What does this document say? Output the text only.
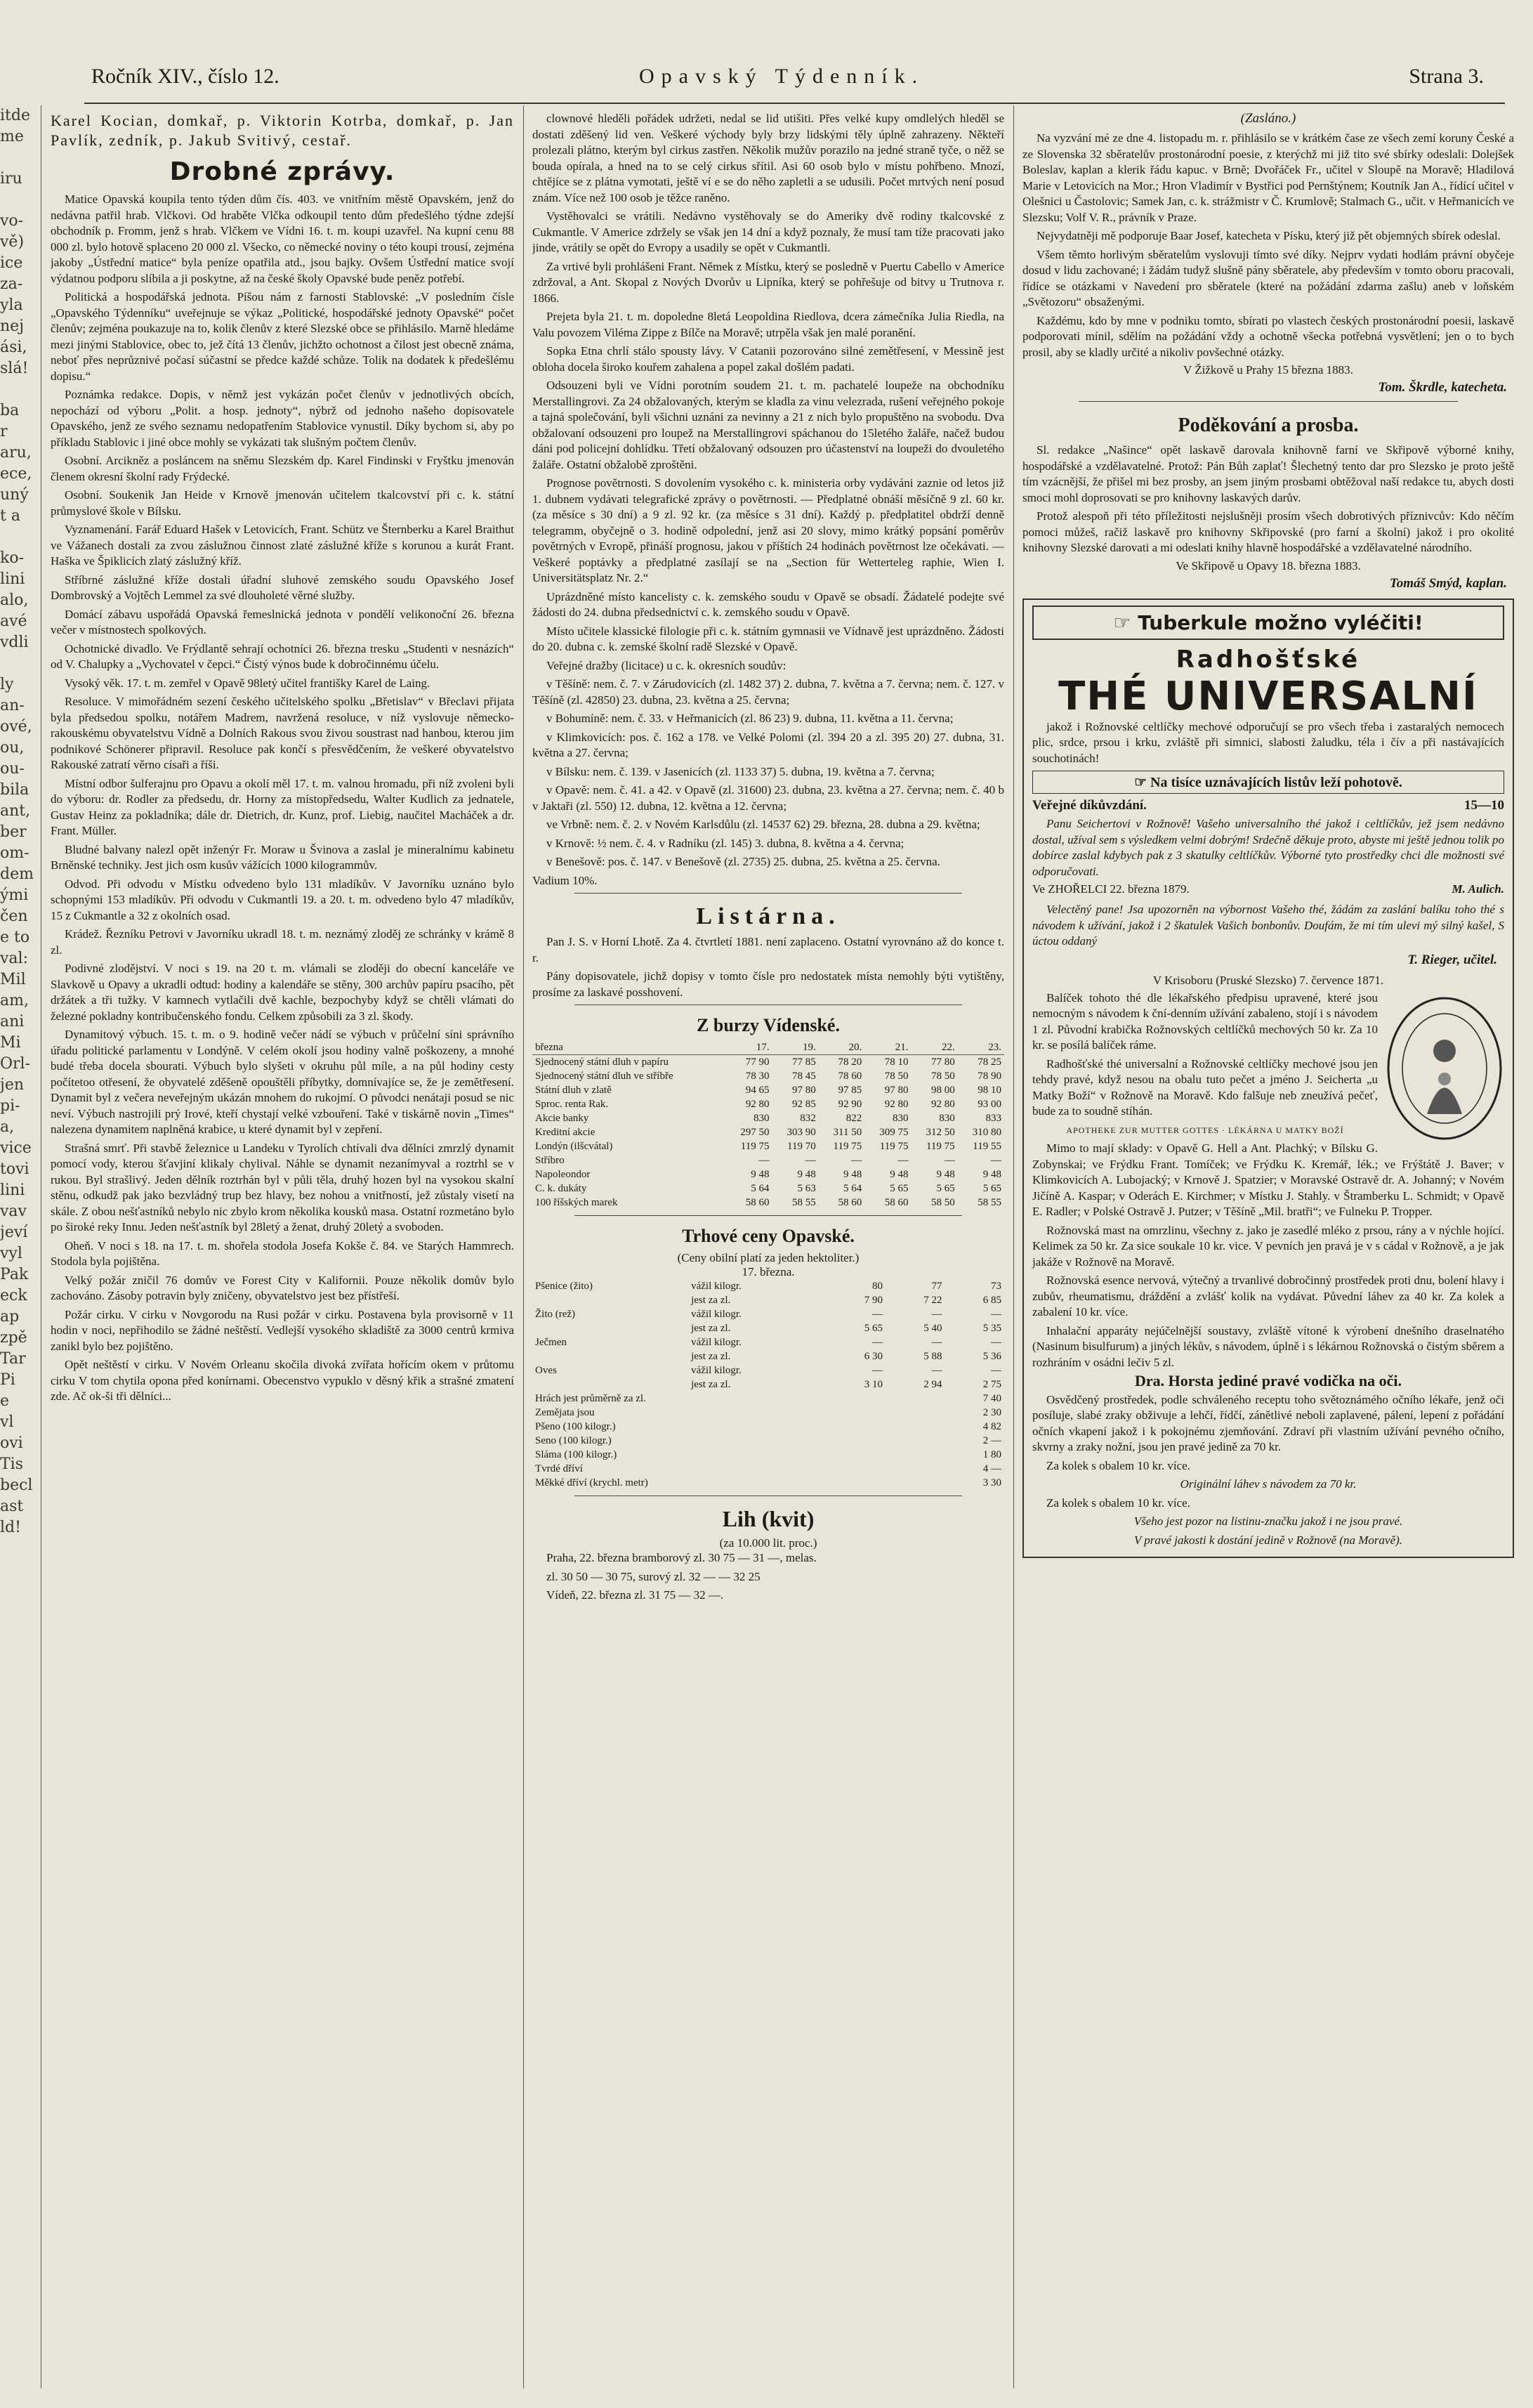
Ročník XIV., číslo 12.	Opavský Týdenník.	Strana 3.
itde
me
iru
vo-
vě)
ice
za-
yla
nej
ási,
slá!
ba
r
aru,
ece,
uný
t a
ko-
lini
alo,
avé
vdli
ly
an-
ové,
ou,
ou-
bila
ant,
ber
om-
dem
ými
čen
e to
val:
Mil
am,
ani
Mi
Orl-
jen
pi-
a,
vice
tovi
lini
vav
jeví
vyl
Pak
eck
ap
zpě
Tar
Pi
e
vl
ovi
Tis
becl
ast
ld!

Karel Kocian, domkař, p. Viktorin Kotrba, domkař, p. Jan Pavlík, zedník, p. Jakub Svitivý, cestař.

Drobné zprávy.

Matice Opavská koupila tento týden dům čís. 403. ve vnitřním městě Opavském, jenž do nedávna patřil hrab. Vlčkovi. Od hraběte Vlčka odkoupil tento dům předešlého týdne zdejší obchodník p. Fromm, jenž s hrab. Vlčkem ve Vídni 16. t. m. koupi uzavřel. Na kupní cenu 88 000 zl. bylo hotově splaceno 20 000 zl. Všecko, co německé noviny o této koupi trousí, zejména jakoby „Ústřední matice“ byla peníze opatřila atd., jsou bajky. Ovšem Ústřední matice svojí výdatnou podporu slíbila a ji poskytne, až na české školy Opavské bude peněz potřebí.

Politická a hospodářská jednota. Píšou nám z farnosti Stablovské: „V posledním čísle „Opavského Týdenníku“ uveřejnuje se výkaz „Politické, hospodářské jednoty Opavské“ počet členův; zejména poukazuje na to, kolik členův z které Slezské obce se přihlásilo. Marně hledáme mezi jinými Stablovice, obec to, jež čítá 13 členův, jichžto ochotnost a čilost jest obecně známa, neboť přes neprůznivé počasí súčastní se předce každé schůze. Tolik na dodatek k předešlému dopisu.“

Poznámka redakce. Dopis, v němž jest vykázán počet členův v jednotlivých obcích, nepochází od výboru „Polit. a hosp. jednoty“, nýbrž od jednoho našeho dopisovatele Opavského, jenž ze svého seznamu nedopatřením Stablovice vynustil. Díky bychom si, aby po příkladu Stablovic i jiné obce mohly se vykázati tak slušným počtem členův.

Osobní. Arcikněz a posláncem na sněmu Slezském dp. Karel Findinski v Fryštku jmenován členem okresní školní rady Frýdecké.

Osobní. Soukenik Jan Heide v Krnově jmenován učitelem tkalcovství při c. k. státní průmyslové škole v Bílsku.

Vyznamenání. Farář Eduard Hašek v Letovicích, Frant. Schütz ve Šternberku a Karel Braithut ve Vážanech dostali za zvou záslužnou činnost zlaté záslužné kříže s korunou a kurát Frant. Haška ve Špiklicích zlatý záslužný kříž.

Stříbrné záslužné kříže dostali úřadní sluhové zemského soudu Opavského Josef Dombrovský a Vojtěch Lemmel za své dlouholeté věrné služby.

Domácí zábavu uspořádá Opavská řemeslnická jednota v pondělí velikonoční 26. března večer v místnostech spolkových.

Ochotnické divadlo. Ve Frýdlantě sehrají ochotníci 26. března tresku „Studenti v nesnázích“ od V. Chalupky a „Vychovatel v čepci.“ Čistý výnos bude k dobročinnému účelu.

Vysoký věk. 17. t. m. zemřel v Opavě 98letý učitel františky Karel de Laing.

Resoluce. V mimořádném sezení českého učitelského spolku „Břetislav“ v Břeclavi přijata byla předsedou spolku, notářem Madrem, navržená resoluce, v níž vyslovuje německo-rakouskému obyvatelstvu Vídně a Dolních Rakous svou živou soustrast nad hanbou, kterou jim podnikové Schönerer připravil. Resoluce pak končí s přesvědčením, že veškeré obyvatelstvo Rakouské zatratí věrno císaři a říši.

Místní odbor šulferajnu pro Opavu a okolí měl 17. t. m. valnou hromadu, při níž zvoleni byli do výboru: dr. Rodler za předsedu, dr. Horny za místopředsedu, Walter Kudlich za jednatele, Gustav Heinz za pokladníka; dále dr. Dietrich, dr. Kunz, prof. Liebig, naučitel Macháček a dr. Frant. Müller.

Bludné balvany nalezl opět inženýr Fr. Moraw u Švinova a zaslal je mineralnímu kabinetu Brněnské techniky. Jest jich osm kusův vážících 1000 kilogrammův.

Odvod. Při odvodu v Místku odvedeno bylo 131 mladíkův. V Javorníku uznáno bylo schopnými 153 mladíkův. Při odvodu v Cukmantli 19. a 20. t. m. odvedeno bylo 47 mladíkův, 15 z Cukmantle a 32 z okolních osad.

Krádež. Řezníku Petrovi v Javorníku ukradl 18. t. m. neznámý zloděj ze schránky v krámě 8 zl.

Podivné zlodějství. V noci s 19. na 20 t. m. vlámali se zloději do obecní kanceláře ve Slavkově u Opavy a ukradli odtud: hodiny a kalendáře se stěny, 300 archův papíru psacího, pět držátek a tři tužky. V kamnech vytlačili dvě kachle, bezpochyby když se chtěli vlámati do železné pokladny kontribučenského fondu. Celkem způsobili za 3 zl. škody.

Dynamitový výbuch. 15. t. m. o 9. hodině večer nádí se výbuch v průčelní síni správního úřadu politické parlamentu v Londýně. V celém okolí jsou hodiny valně poškozeny, a mnohé budé třeba docela sbourati. Výbuch bylo slyšeti v okruhu půl míle, a na půl hodiny cesty počítetoo otřesení, že obyvatelé zděšeně opouštěli příbytky, domnívajíce se, že je zemětřesení. Dynamit byl z večera neveřejným ukázán mnohem do rukojmí. O původci nenátaji posud se nic neví. Výbuch nastrojili prý Irové, kteří chystají velké vzbouření. Také v tiskárně novin „Times“ nalezena dynamitem naplněná krabice, u které dynamit byl v zepření.

Strašná smrť. Při stavbě železnice u Landeku v Tyrolích chtívali dva dělníci zmrzlý dynamit pomocí vody, kterou šťavjiní klikaly chylival. Náhle se dynamit nezanímyval a roztrhl se v rukou. Byl strašlivý. Jeden dělník roztrhán byl v půli těla, druhý hozen byl na vysokou skalní stěnu, odkudž pak jako bezvládný trup bez hlavy, bez nohou a vnitřností, jež zůstaly visetí na skále. Z obou nešťastníků nebylo nic zbylo krom několika kousků masa. Ostatní rozmetáno bylo po široké reky Innu. Jeden nešťastník byl 28letý a ženat, druhý 20letý a svoboden.

Oheň. V noci s 18. na 17. t. m. shořela stodola Josefa Kokše č. 84. ve Starých Hammrech. Stodola byla pojištěna.

Velký požár zničil 76 domův ve Forest City v Kalifornii. Pouze několik domův bylo zachováno. Zásoby potravin byly zničeny, obyvatelstvo jest bez přístřeší.

Požár cirku. V cirku v Novgorodu na Rusi požár v cirku. Postavena byla provisorně v 11 hodin v noci, nepřihodilo se žádné neštěstí. Vedlejší vysokého skladiště za 3000 centrů krmiva zanikl bylo bez pojištěno.

Opět neštěstí v cirku. V Novém Orleanu skočila divoká zvířata hořícím okem v průtomu cirku V tom chytila opona před konírnami. Obecenstvo vypuklo v děsný křik a strašné zmatení zde. Ač ok-ši tři dělníci...

clownové hleděli pořádek udržeti, nedal se lid utišiti. Přes velké kupy omdlelých hleděl se dostati zděšený lid ven. Veškeré východy byly brzy lidskými těly úplně zahrazeny. Někteří prolezali plátno, kterým byl cirkus zastřen. Několik mužův porazilo na jedné straně tyče, o něž se bouda opírala, a hned na to se celý cirkus sřítil. Asi 60 osob bylo v místu pohřbeno. Mnozí, chtějíce se z plátna vymotati, ještě ví e se do něho zapletli a se udusili. Počet mrtvých není posud znám. Více než 100 osob je těžce raněno.

Vystěhovalci se vrátili. Nedávno vystěhovaly se do Ameriky dvě rodiny tkalcovské z Cukmantle. V Americe zdržely se však jen 14 dní a když poznaly, že musí tam tíže pracovati jako jinde, vrátily se opět do Evropy a usadily se opět v Cukmantli.

Za vrtivé byli prohlášeni Frant. Němek z Místku, který se posledně v Puertu Cabello v Americe zdržoval, a Ant. Skopal z Nových Dvorův u Lipníka, který se pohřešuje od bitvy u Trutnova r. 1866.

Prejeta byla 21. t. m. dopoledne 8letá Leopoldina Riedlova, dcera zámečníka Julia Riedla, na Valu povozem Viléma Zippe z Bílče na Moravě; utrpěla však jen malé poranění.

Sopka Etna chrlí stálo spousty lávy. V Catanii pozorováno silné zemětřesení, v Messině jest obloha docela široko kouřem zahalena a popel zakal došlém padati.

Odsouzeni byli ve Vídni porotním soudem 21. t. m. pachatelé loupeže na obchodníku Merstallingrovi. Za 24 obžalovaných, kterým se kladla za vinu velezrada, rušení veřejného pokoje a tajná společování, byli všichni uznáni za nevinny a 21 z nich bylo propuštěno na svobodu. Dva obžalovaní odsouzeni pro loupež na Merstallingrovi spáchanou do 15letého žaláře, načež budou dáni pod policejní dohlídku. Třetí obžalovaný odsouzen pro účastenství na loupeži do dvouletého žaláře. Ostatní obžalobě zproštěni.

Prognose povětrnosti. S dovolením vysokého c. k. ministeria orby vydáváni zaznie od letos již 1. dubnem vydávati telegrafické zprávy o povětrnosti. — Předplatné obnáší měsíčně 9 zl. 60 kr. (za měsíce s 30 dní) a 9 zl. 92 kr. (za měsíce s 31 dní). Každý p. předplatitel obdrží denně telegramm, obyčejně o 3. hodině odpolední, jenž asi 20 slovy, mimo krátký popsání poměrův povětrných v Evropě, přináší prognosu, jakou v příštích 24 hodinách povětrnost lze očekávati. — Veškeré poptávky a předplatné zasílají se na „Section für Wetterteleg raphie, Wien I. Universitätsplatz Nr. 2.“

Uprázdněné místo kancelisty c. k. zemského soudu v Opavě se obsadí. Žádatelé podejte své žádosti do 24. dubna předsednictví c. k. zemského soudu v Opavě.

Místo učitele klassické filologie při c. k. státním gymnasii ve Vídnavě jest uprázdněno. Žádosti do 20. dubna c. k. zemské školní radě Slezské v Opavě.

Veřejné dražby (licitace) u c. k. okresních soudův:

v Těšíně: nem. č. 7. v Zárudovicích (zl. 1482 37) 2. dubna, 7. května a 7. června; nem. č. 127. v Těšíně (zl. 42850) 23. dubna, 23. května a 25. června;

v Bohumíně: nem. č. 33. v Heřmanicích (zl. 86 23) 9. dubna, 11. května a 11. června;

v Klimkovicích: pos. č. 162 a 178. ve Velké Polomi (zl. 394 20 a zl. 395 20) 27. dubna, 31. května a 27. června;

v Bílsku: nem. č. 139. v Jasenicích (zl. 1133 37) 5. dubna, 19. května a 7. června;

v Opavě: nem. č. 41. a 42. v Opavě (zl. 31600) 23. dubna, 23. května a 27. června; nem. č. 40 b v Jaktaři (zl. 550) 12. dubna, 12. května a 12. června;

ve Vrbně: nem. č. 2. v Novém Karlsdůlu (zl. 14537 62) 29. března, 28. dubna a 29. května;

v Krnově: ½ nem. č. 4. v Radníku (zl. 145) 3. dubna, 8. května a 4. června;

v Benešově: pos. č. 147. v Benešově (zl. 2735) 25. dubna, 25. května a 25. června.

Vadium 10%.

Listárna.

Pan J. S. v Horní Lhotě. Za 4. čtvrtletí 1881. není zaplaceno. Ostatní vyrovnáno až do konce t. r.

Pány dopisovatele, jichž dopisy v tomto čísle pro nedostatek místa nemohly býti vytištěny, prosíme za laskavé posshovení.

Z burzy Vídenské.
března	17.	19.	20.	21.	22.	23.
Sjednocený státní dluh v papíru	77 90	77 85	78 20	78 10	77 80	78 25
Sjednocený státní dluh ve stříbře	78 30	78 45	78 60	78 50	78 50	78 90
Státní dluh v zlatě	94 65	97 80	97 85	97 80	98 00	98 10
Sproc. renta Rak.	92 80	92 85	92 90	92 80	92 80	93 00
Akcie banky	830	832	822	830	830	833
Kreditní akcie	297 50	303 90	311 50	309 75	312 50	310 80
Londýn (ilšcvátal)	119 75	119 70	119 75	119 75	119 75	119 55
Stříbro	—	—	—	—	—	—
Napoleondor	9 48	9 48	9 48	9 48	9 48	9 48
C. k. dukáty	5 64	5 63	5 64	5 65	5 65	5 65
100 říšských marek	58 60	58 55	58 60	58 60	58 50	58 55
Trhové ceny Opavské.
(Ceny obilní platí za jeden hektoliter.)
17. března.
Pšenice (žito)	vážil kilogr.	80	77	73
	jest za zl.	7 90	7 22	6 85
Žito (rež)	vážil kilogr.	—	—	—
	jest za zl.	5 65	5 40	5 35
Ječmen	vážil kilogr.	—	—	—
	jest za zl.	6 30	5 88	5 36
Oves	vážil kilogr.	—	—	—
	jest za zl.	3 10	2 94	2 75
Hrách jest průměrně za zl.	7 40
Zemějata jsou	2 30
Pšeno (100 kilogr.)	4 82
Seno (100 kilogr.)	2 —
Sláma (100 kilogr.)	1 80
Tvrdé dříví	4 —
Měkké dříví (krychl. metr)	3 30
Lih (kvit)
(za 10.000 lit. proc.)

Praha, 22. března bramborový zl. 30 75 — 31 —, melas.

zl. 30 50 — 30 75, surový zl. 32 — — 32 25

Vídeň, 22. března zl. 31 75 — 32 —.

(Zasláno.)

Na vyzvání mé ze dne 4. listopadu m. r. přihlásilo se v krátkém čase ze všech zemí koruny České a ze Slovenska 32 sběratelův prostonárodní poesie, z kterýchž mi již tito své sbírky odeslali: Dolejšek Boleslav, kaplan a klerik řádu kapuc. v Brně; Dvořáček Fr., učitel v Sloupě na Moravě; Hladilová Marie v Letovicích na Mor.; Hron Vladimír v Bystřici pod Pernštýnem; Koutník Jan A., řídící učitel v Olešnici u Častolovic; Samek Jan, c. k. strážmistr v Č. Krumlově; Stalmach G., učit. v Heřmanicích ve Slezsku; Volf V. R., právník v Praze.

Nejvydatněji mě podporuje Baar Josef, katecheta v Písku, který již pět objemných sbírek odeslal.

Všem těmto horlivým sběratelům vyslovuji tímto své díky. Nejprv vydati hodlám právní obyčeje dosud v lidu zachované; i žádám tudyž slušně pány sběratele, aby především v tomto oboru pracovali, řídíce se otázkami v Navedení pro sběratele (které na požádání zdarma zašlu) aneb v loňském „Světozoru“ obsaženými.

Každému, kdo by mne v podniku tomto, sbírati po vlastech českých prostonárodní poesii, laskavě podporovati mínil, sdělím na požádání vždy a ochotně všecka potřebná vysvětlení; jen o to bych prosil, aby se kladly určité a nikoliv povšechné otázky.

V Žižkově u Prahy 15 března 1883.
Tom. Škrdle, katecheta.
Poděkování a prosba.

Sl. redakce „Našince“ opět laskavě darovala knihovně farní ve Skřipově výborné knihy, hospodářské a vzdělavatelné. Protož: Pán Bůh zaplať! Šlechetný tento dar pro Slezsko je proto ještě tím vzácnější, že přišel mi bez prosby, an jsem jiným prosbami obtěžoval naší redakce tu, abych dosti smoci mohl doprosovati se pro knihovny laskavých darův.

Protož alespoň při této příležitosti nejslušněji prosím všech dobrotivých příznivcův: Kdo něčím pomoci můžeš, račiž laskavě pro knihovny Skřipovské (pro farní a školní) jakož i pro okolité knihovny Slezské darovati a mi odeslati knihy hlavně hospodářské a vzdělavatelné národního.

Ve Skřipově u Opavy 18. března 1883.
Tomáš Smýd, kaplan.
☞ Tuberkule možno vyléčiti!
Radhošťské
THÉ UNIVERSALNÍ

jakož i Rožnovské celtlíčky mechové odporučují se pro všech třeba i zastaralých nemocech plic, srdce, prsou i krku, zvláště při simnici, slabosti žaludku, téla i čív a při nastávajících souchotinách!

☞ Na tisíce uznávajících listův leží pohotově.
Veřejné díkůvzdání.	15—10

Panu Seichertovi v Rožnově! Vašeho universalního thé jakož i celtlíčkův, jež jsem nedávno dostal, užíval sem s výsledkem velmi dobrým! Srdečně děkuje proto, abyste mi ještě jednou tolik po dobírce zaslal kdybych pak z 3 skatulky celtlíčkův. Výborné tyto prostředky chci dle možnosti své odporučovati.

Ve ZHOŘELCI 22. března 1879.	M. Aulich.

Velectěný pane! Jsa upozorněn na výbornost Vašeho thé, žádám za zaslání balíku toho thé s návodem k užívání, jakož i 2 škatulek Vašich bonbonův. Doufám, že mi tím ulevi mý silný kašel, S úctou oddaný

T. Rieger, učitel.
V Krisoboru (Pruské Slezsko) 7. července 1871.

Balíček tohoto thé dle lékařského předpisu upravené, které jsou nemocným s návodem k ční-denním užívání zabaleno, stojí i s návodem 1 zl. Původní krabička Rožnovských celtlíčků mechových 50 kr. Za 10 kr. se posílá balíček ráme.

Radhošťské thé universalní a Rožnovské celtlíčky mechové jsou jen tehdy pravé, když nesou na obalu tuto pečet a jméno J. Seicherta „u Matky Boží“ v Rožnově na Moravě. Kdo falšuje neb zneužívá pečeť, bude za to soudně stíhán.

APOTHEKE ZUR MUTTER GOTTES · LÉKÁRNA U MATKY BOŽÍ

Mimo to mají sklady: v Opavě G. Hell a Ant. Plachký; v Bílsku G. Zobynskai; ve Frýdku Frant. Tomíček; ve Frýdku K. Kremář, lék.; ve Frýštátě J. Baver; v Klimkovicích A. Lubojacký; v Krnově J. Spatzier; v Moravské Ostravě dr. A. Johanný; v Novém Jičíně A. Kaspar; v Oderách E. Kirchmer; v Místku J. Stahly. v Štramberku L. Schmidt; v Opavě E. Radler; v Polské Ostravě J. Putzer; v Těšíně „Mil. bratři“; ve Fulneku P. Tropper.

Rožnovská mast na omrzlinu, všechny z. jako je zasedlé mléko z prsou, rány a v nýchle hojící. Kelimek za 50 kr. Za sice soukale 10 kr. vice. V pevních jen pravá je v s cádal v Rožnově, a je jak jakáže v Rožnově na Moravě.

Rožnovská esence nervová, výtečný a trvanlivé dobročinný prostředek proti dnu, bolení hlavy i zubův, rheumatismu, dráždění a zvlášť kolik na vydávat. Půvední láhev za 40 kr. Za kolek a zabalení 10 kr. více.

Inhalační apparáty nejúčelnější soustavy, zvláště vítoné k výrobení dnešního draselnatého (Nasinum bisulfurum) a jiných lékův, s návodem, úplně i s lékárnou Rožnovská o čistým sběrem a rozhráním v osádni lečiv 5 zl.

Dra. Horsta jediné pravé vodička na oči.

Osvědčený prostředek, podle schváleného receptu toho světoznámého očního lékaře, jenž oči posíluje, slabé zraky obživuje a lehčí, řídčí, zánětlivé neboli zaplavené, pálení, lepení z pořádání očních vkapení jakož i k pokojnému zjemňování. Zdraví při vlastním užívání pevného očního, skvrny a zraky nožní, jsou jen pravé jedině za 70 kr.

Za kolek s obalem 10 kr. více.

Originální láhev s návodem za 70 kr.

Za kolek s obalem 10 kr. více.

Všeho jest pozor na listinu-značku jakož i ne jsou pravé.

V pravé jakosti k dostání jedině v Rožnově (na Moravě).
